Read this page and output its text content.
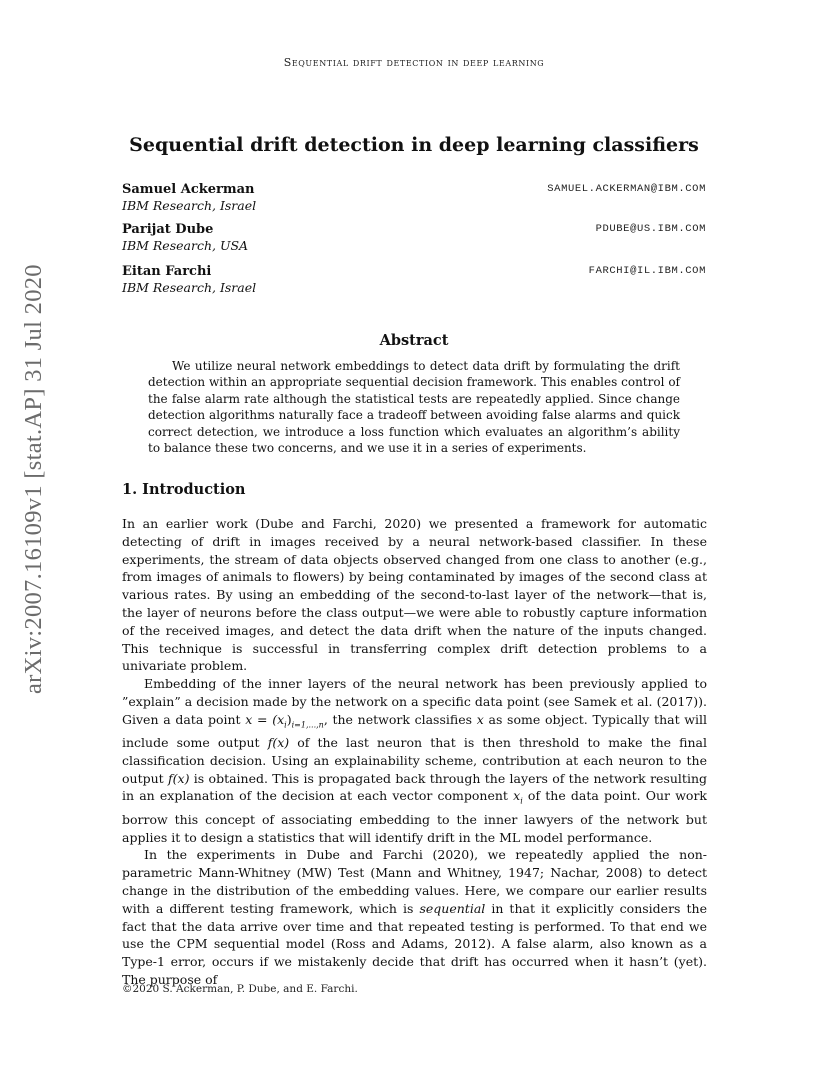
arXiv:2007.16109v1 [stat.AP] 31 Jul 2020
Sequential drift detection in deep learning
Sequential drift detection in deep learning classifiers
Samuel Ackerman
IBM Research, Israel
SAMUEL.ACKERMAN@IBM.COM
Parijat Dube
IBM Research, USA
PDUBE@US.IBM.COM
Eitan Farchi
IBM Research, Israel
FARCHI@IL.IBM.COM
Abstract
We utilize neural network embeddings to detect data drift by formulating the drift detection within an appropriate sequential decision framework. This enables control of the false alarm rate although the statistical tests are repeatedly applied. Since change detection algorithms naturally face a tradeoff between avoiding false alarms and quick correct detection, we introduce a loss function which evaluates an algorithm’s ability to balance these two concerns, and we use it in a series of experiments.
1. Introduction

In an earlier work (Dube and Farchi, 2020) we presented a framework for automatic detecting of drift in images received by a neural network-based classifier. In these experiments, the stream of data objects observed changed from one class to another (e.g., from images of animals to flowers) by being contaminated by images of the second class at various rates. By using an embedding of the second-to-last layer of the network—that is, the layer of neurons before the class output—we were able to robustly capture information of the received images, and detect the data drift when the nature of the inputs changed. This technique is successful in transferring complex drift detection problems to a univariate problem.

Embedding of the inner layers of the neural network has been previously applied to ”explain” a decision made by the network on a specific data point (see Samek et al. (2017)). Given a data point $x = (x_i)_{i=1,...,n}$, the network classifies x as some object. Typically that will include some output f(x) of the last neuron that is then threshold to make the final classification decision. Using an explainability scheme, contribution at each neuron to the output f(x) is obtained. This is propagated back through the layers of the network resulting in an explanation of the decision at each vector component $x_i$ of the data point. Our work borrow this concept of associating embedding to the inner lawyers of the network but applies it to design a statistics that will identify drift in the ML model performance.

In the experiments in Dube and Farchi (2020), we repeatedly applied the non-parametric Mann-Whitney (MW) Test (Mann and Whitney, 1947; Nachar, 2008) to detect change in the distribution of the embedding values. Here, we compare our earlier results with a different testing framework, which is sequential in that it explicitly considers the fact that the data arrive over time and that repeated testing is performed. To that end we use the CPM sequential model (Ross and Adams, 2012). A false alarm, also known as a Type-1 error, occurs if we mistakenly decide that drift has occurred when it hasn’t (yet). The purpose of

©2020 S. Ackerman, P. Dube, and E. Farchi.
